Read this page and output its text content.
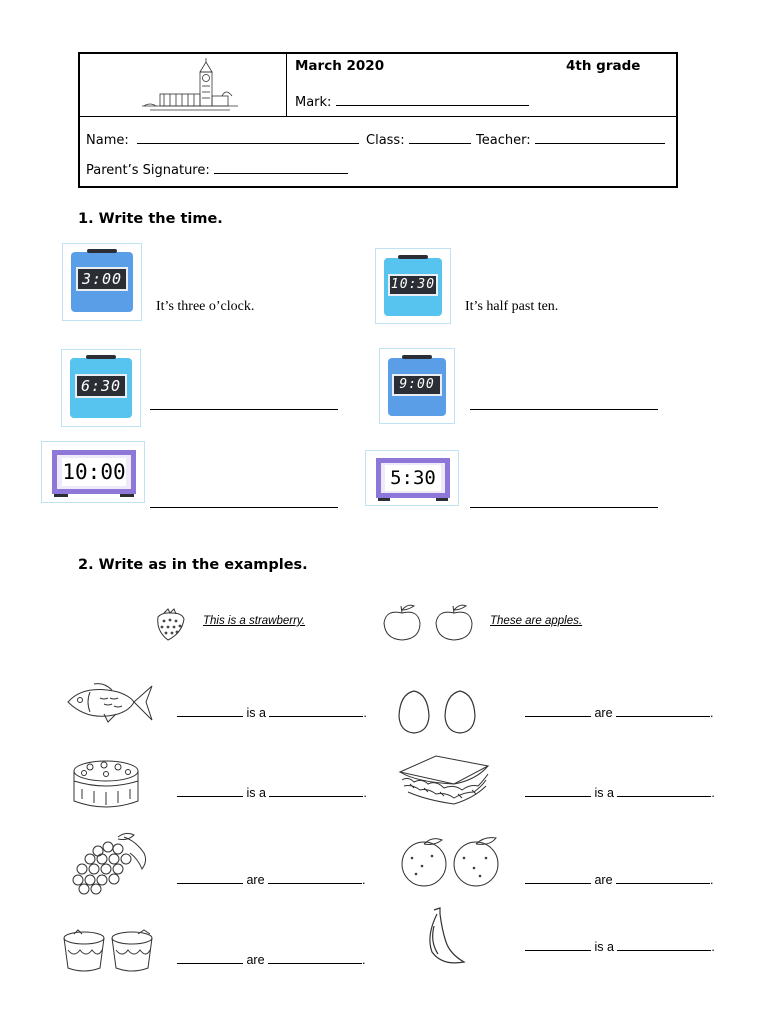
March 2020	4th grade
Mark:
Name:	Class:	Teacher:
Parent’s Signature:
1. Write the time.
3:00
It’s three o’clock.
10:30
It’s half past ten.
6:30	9:00
10:00	5:30
2. Write as in the examples.
This is a strawberry.	These are apples.
is a	.	are	.
is a	.	is a	.
are	.	are	.
are	.
is a	.
